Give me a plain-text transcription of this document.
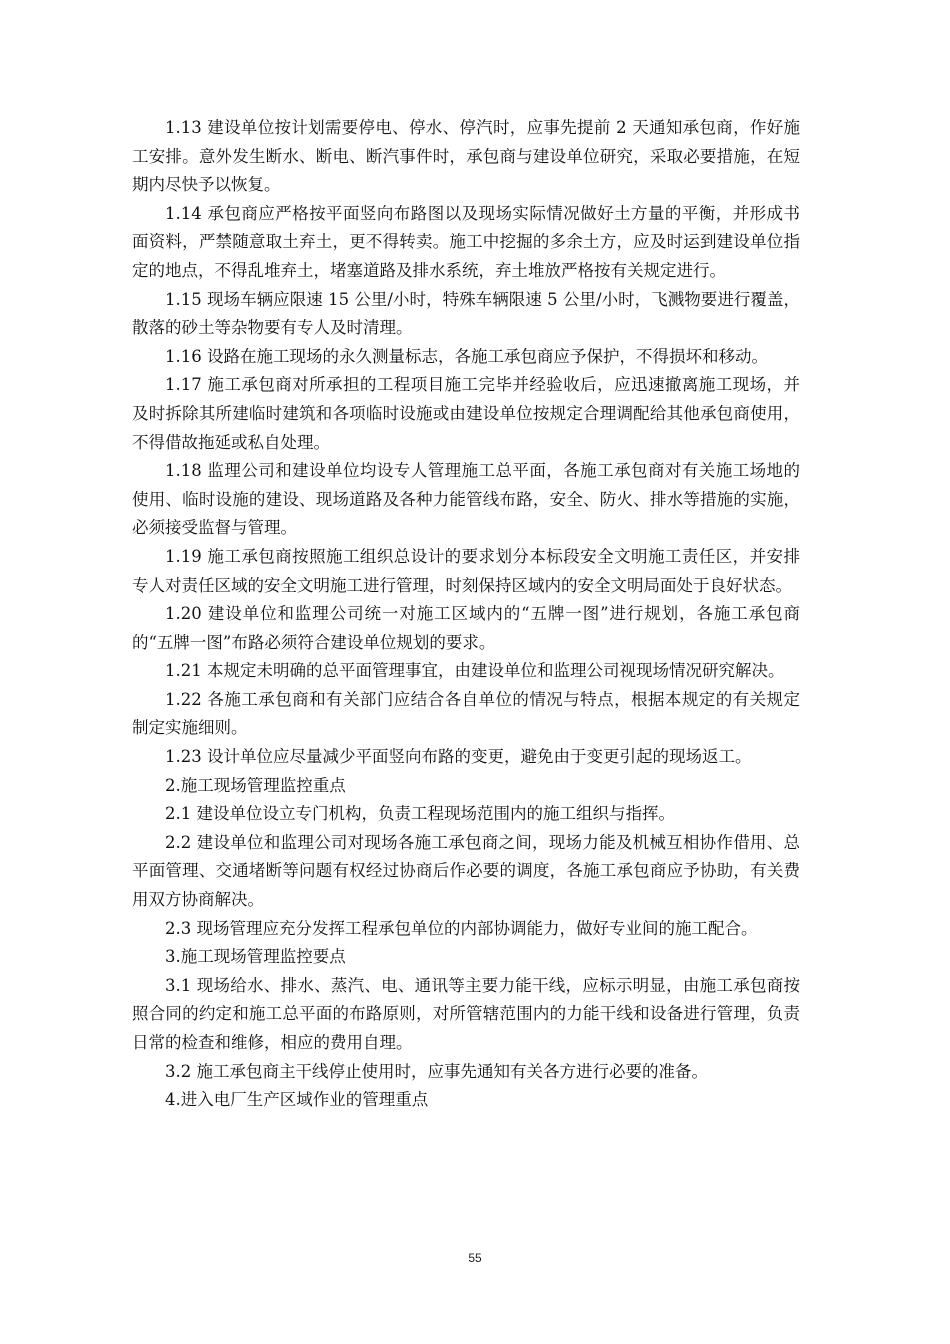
1.13 建设单位按计划需要停电、停水、停汽时，应事先提前 2 天通知承包商，作好施工安排。意外发生断水、断电、断汽事件时，承包商与建设单位研究，采取必要措施，在短期内尽快予以恢复。

1.14 承包商应严格按平面竖向布路图以及现场实际情况做好土方量的平衡，并形成书面资料，严禁随意取土弃土，更不得转卖。施工中挖掘的多余土方，应及时运到建设单位指定的地点，不得乱堆弃土，堵塞道路及排水系统，弃土堆放严格按有关规定进行。

1.15 现场车辆应限速 15 公里/小时，特殊车辆限速 5 公里/小时，飞溅物要进行覆盖，散落的砂土等杂物要有专人及时清理。

1.16 设路在施工现场的永久测量标志，各施工承包商应予保护，不得损坏和移动。

1.17 施工承包商对所承担的工程项目施工完毕并经验收后，应迅速撤离施工现场，并及时拆除其所建临时建筑和各项临时设施或由建设单位按规定合理调配给其他承包商使用，不得借故拖延或私自处理。

1.18 监理公司和建设单位均设专人管理施工总平面，各施工承包商对有关施工场地的使用、临时设施的建设、现场道路及各种力能管线布路，安全、防火、排水等措施的实施，必须接受监督与管理。

1.19 施工承包商按照施工组织总设计的要求划分本标段安全文明施工责任区，并安排专人对责任区域的安全文明施工进行管理，时刻保持区域内的安全文明局面处于良好状态。

1.20 建设单位和监理公司统一对施工区域内的“五牌一图”进行规划，各施工承包商的“五牌一图”布路必须符合建设单位规划的要求。

1.21 本规定未明确的总平面管理事宜，由建设单位和监理公司视现场情况研究解决。

1.22 各施工承包商和有关部门应结合各自单位的情况与特点，根据本规定的有关规定制定实施细则。

1.23 设计单位应尽量减少平面竖向布路的变更，避免由于变更引起的现场返工。

2.施工现场管理监控重点

2.1 建设单位设立专门机构，负责工程现场范围内的施工组织与指挥。

2.2 建设单位和监理公司对现场各施工承包商之间，现场力能及机械互相协作借用、总平面管理、交通堵断等问题有权经过协商后作必要的调度，各施工承包商应予协助，有关费用双方协商解决。

2.3 现场管理应充分发挥工程承包单位的内部协调能力，做好专业间的施工配合。

3.施工现场管理监控要点

3.1 现场给水、排水、蒸汽、电、通讯等主要力能干线，应标示明显，由施工承包商按照合同的约定和施工总平面的布路原则，对所管辖范围内的力能干线和设备进行管理，负责日常的检查和维修，相应的费用自理。

3.2 施工承包商主干线停止使用时，应事先通知有关各方进行必要的准备。

4.进入电厂生产区域作业的管理重点

55
